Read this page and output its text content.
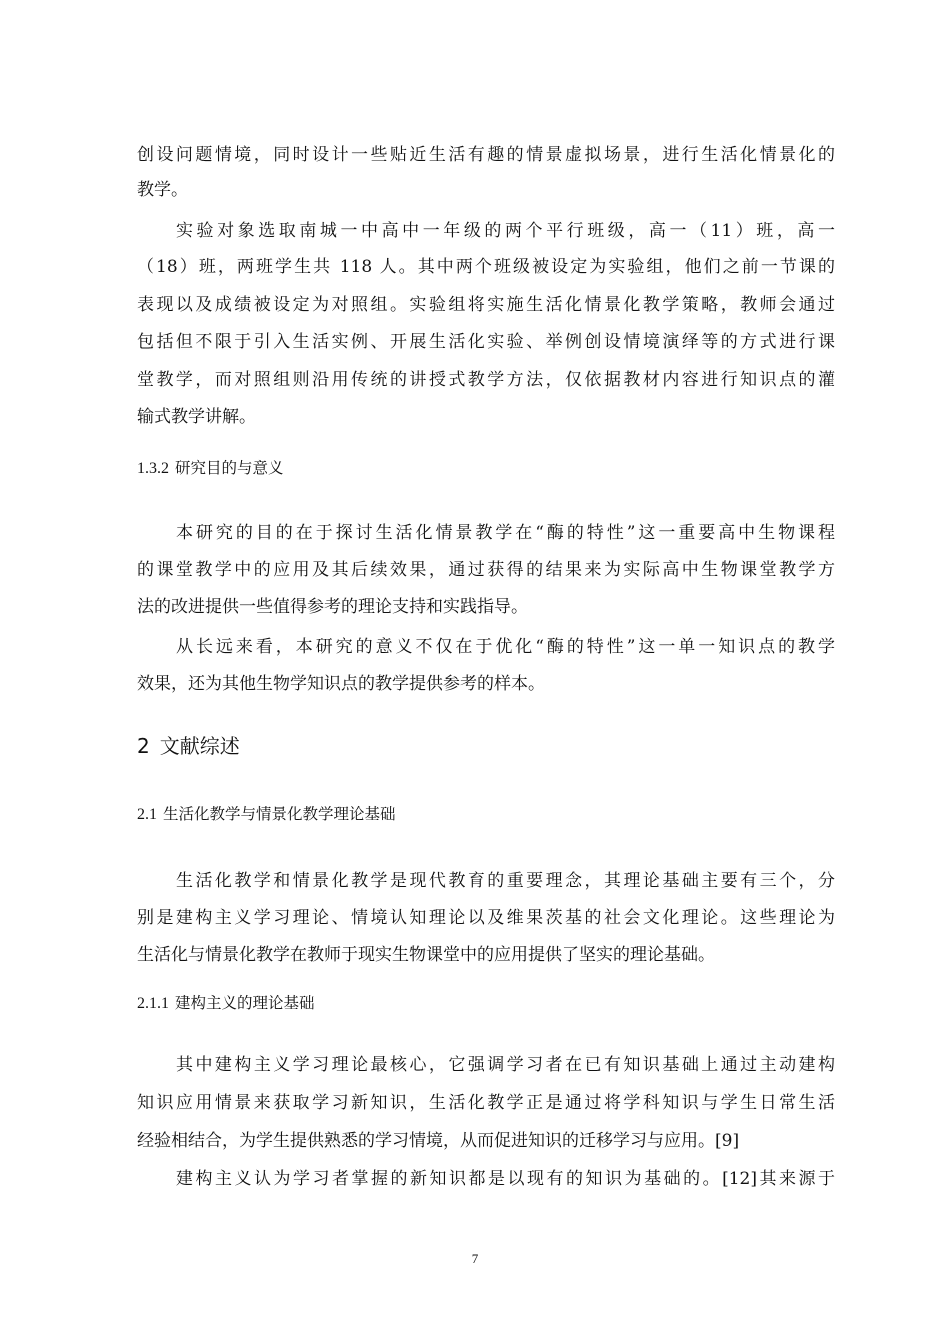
创设问题情境，同时设计一些贴近生活有趣的情景虚拟场景，进行生活化情景化的
教学。
实验对象选取南城一中高中一年级的两个平行班级，高一（11）班，高一
（18）班，两班学生共 118 人。其中两个班级被设定为实验组，他们之前一节课的
表现以及成绩被设定为对照组。实验组将实施生活化情景化教学策略，教师会通过
包括但不限于引入生活实例、开展生活化实验、举例创设情境演绎等的方式进行课
堂教学，而对照组则沿用传统的讲授式教学方法，仅依据教材内容进行知识点的灌
输式教学讲解。
1.3.2 研究目的与意义
本研究的目的在于探讨生活化情景教学在“酶的特性”这一重要高中生物课程
的课堂教学中的应用及其后续效果，通过获得的结果来为实际高中生物课堂教学方
法的改进提供一些值得参考的理论支持和实践指导。
从长远来看，本研究的意义不仅在于优化“酶的特性”这一单一知识点的教学
效果，还为其他生物学知识点的教学提供参考的样本。
2 文献综述
2.1 生活化教学与情景化教学理论基础
生活化教学和情景化教学是现代教育的重要理念，其理论基础主要有三个，分
别是建构主义学习理论、情境认知理论以及维果茨基的社会文化理论。这些理论为
生活化与情景化教学在教师于现实生物课堂中的应用提供了坚实的理论基础。
2.1.1 建构主义的理论基础
其中建构主义学习理论最核心，它强调学习者在已有知识基础上通过主动建构
知识应用情景来获取学习新知识，生活化教学正是通过将学科知识与学生日常生活
经验相结合，为学生提供熟悉的学习情境，从而促进知识的迁移学习与应用。[9]
建构主义认为学习者掌握的新知识都是以现有的知识为基础的。[12]其来源于
7
